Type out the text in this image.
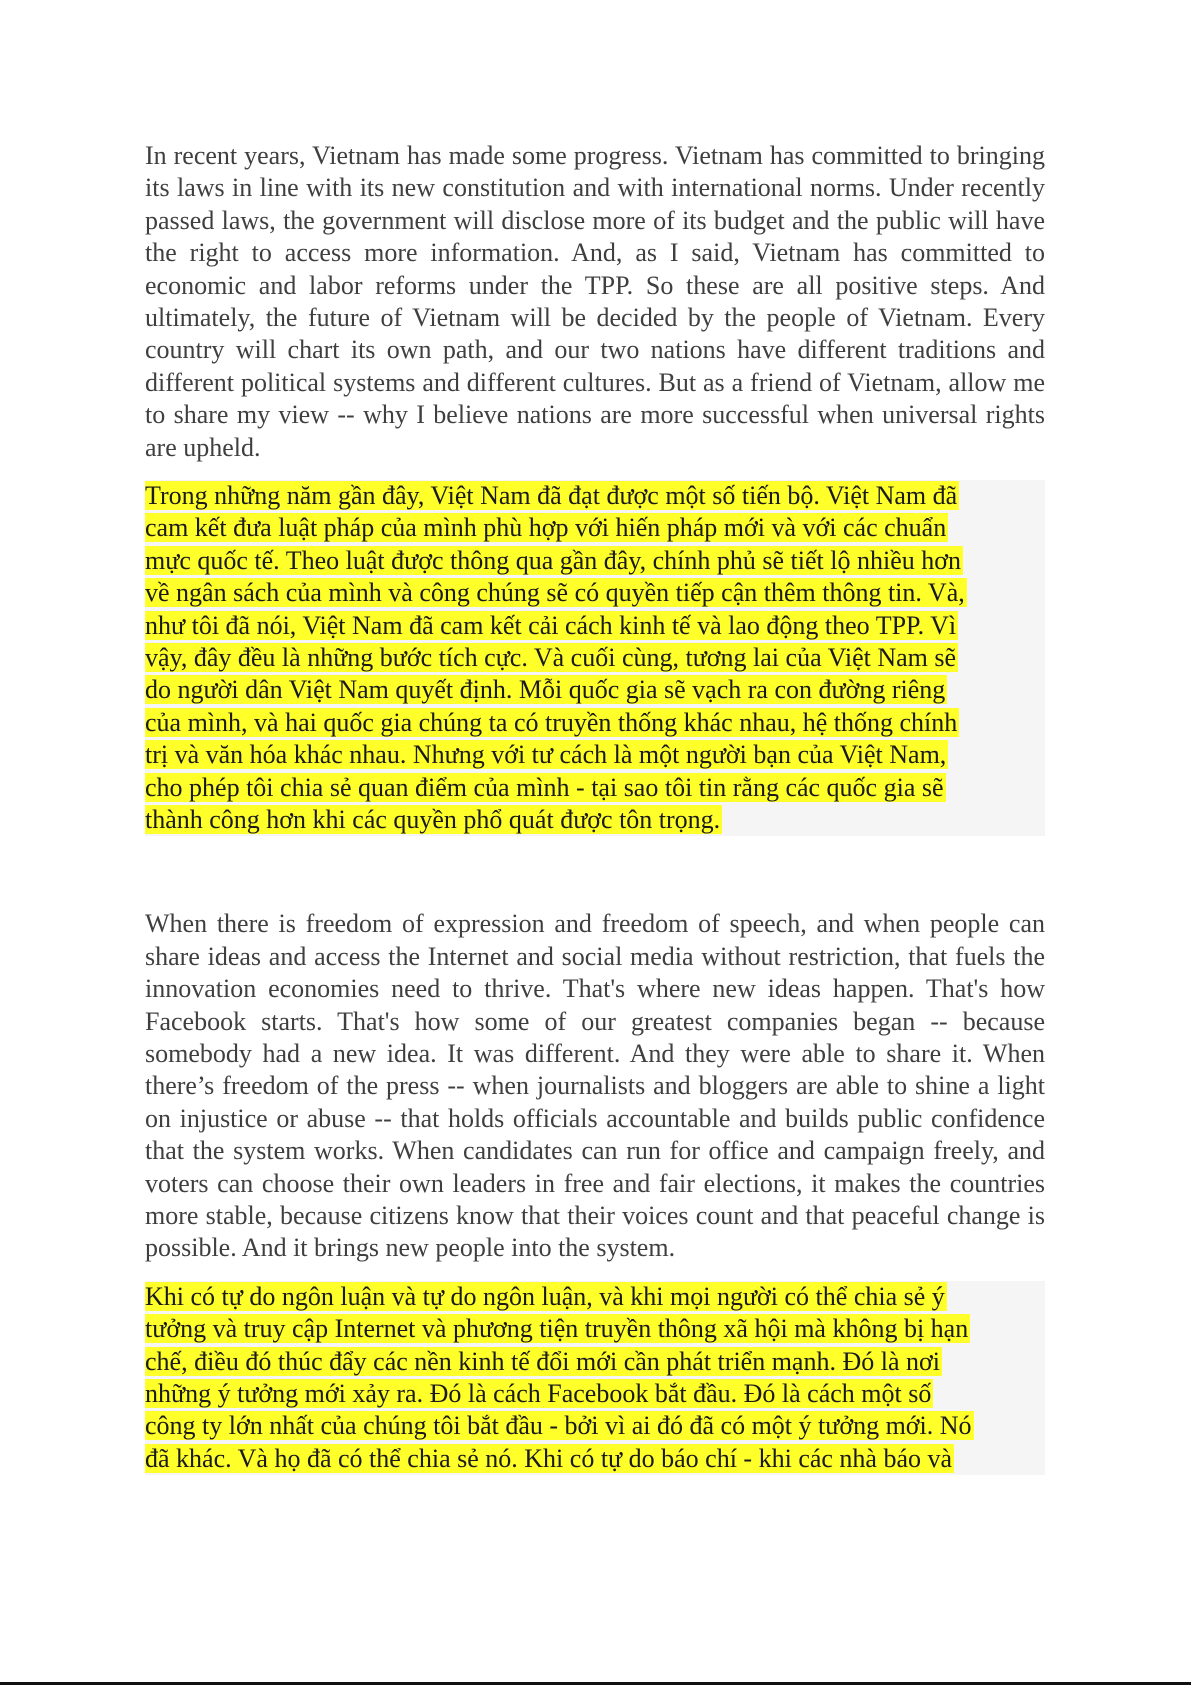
In recent years, Vietnam has made some progress. Vietnam has committed to bringing its laws in line with its new constitution and with international norms. Under recently passed laws, the government will disclose more of its budget and the public will have the right to access more information. And, as I said, Vietnam has committed to economic and labor reforms under the TPP. So these are all positive steps. And ultimately, the future of Vietnam will be decided by the people of Vietnam. Every country will chart its own path, and our two nations have different traditions and different political systems and different cultures. But as a friend of Vietnam, allow me to share my view -- why I believe nations are more successful when universal rights are upheld.

Trong những năm gần đây, Việt Nam đã đạt được một số tiến bộ. Việt Nam đã
cam kết đưa luật pháp của mình phù hợp với hiến pháp mới và với các chuẩn
mực quốc tế. Theo luật được thông qua gần đây, chính phủ sẽ tiết lộ nhiều hơn
về ngân sách của mình và công chúng sẽ có quyền tiếp cận thêm thông tin. Và,
như tôi đã nói, Việt Nam đã cam kết cải cách kinh tế và lao động theo TPP. Vì
vậy, đây đều là những bước tích cực. Và cuối cùng, tương lai của Việt Nam sẽ
do người dân Việt Nam quyết định. Mỗi quốc gia sẽ vạch ra con đường riêng
của mình, và hai quốc gia chúng ta có truyền thống khác nhau, hệ thống chính
trị và văn hóa khác nhau. Nhưng với tư cách là một người bạn của Việt Nam,
cho phép tôi chia sẻ quan điểm của mình - tại sao tôi tin rằng các quốc gia sẽ
thành công hơn khi các quyền phổ quát được tôn trọng.

When there is freedom of expression and freedom of speech, and when people can share ideas and access the Internet and social media without restriction, that fuels the innovation economies need to thrive. That's where new ideas happen. That's how Facebook starts. That's how some of our greatest companies began -- because somebody had a new idea. It was different. And they were able to share it. When there’s freedom of the press -- when journalists and bloggers are able to shine a light on injustice or abuse -- that holds officials accountable and builds public confidence that the system works. When candidates can run for office and campaign freely, and voters can choose their own leaders in free and fair elections, it makes the countries more stable, because citizens know that their voices count and that peaceful change is possible. And it brings new people into the system.

Khi có tự do ngôn luận và tự do ngôn luận, và khi mọi người có thể chia sẻ ý
tưởng và truy cập Internet và phương tiện truyền thông xã hội mà không bị hạn
chế, điều đó thúc đẩy các nền kinh tế đổi mới cần phát triển mạnh. Đó là nơi
những ý tưởng mới xảy ra. Đó là cách Facebook bắt đầu. Đó là cách một số
công ty lớn nhất của chúng tôi bắt đầu - bởi vì ai đó đã có một ý tưởng mới. Nó
đã khác. Và họ đã có thể chia sẻ nó. Khi có tự do báo chí - khi các nhà báo và
